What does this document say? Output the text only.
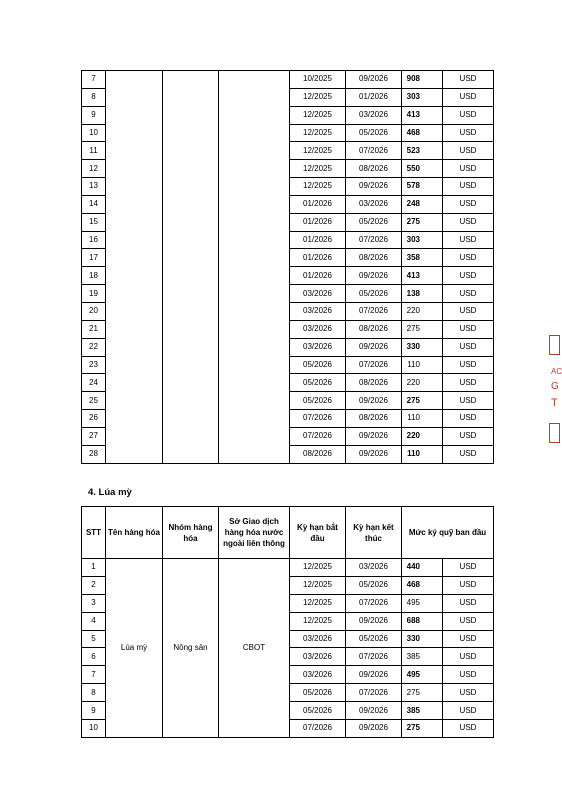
7				10/2025	09/2026	908	USD
8				12/2025	01/2026	303	USD
9				12/2025	03/2026	413	USD
10				12/2025	05/2026	468	USD
11				12/2025	07/2026	523	USD
12				12/2025	08/2026	550	USD
13				12/2025	09/2026	578	USD
14				01/2026	03/2026	248	USD
15				01/2026	05/2026	275	USD
16				01/2026	07/2026	303	USD
17				01/2026	08/2026	358	USD
18				01/2026	09/2026	413	USD
19				03/2026	05/2026	138	USD
20				03/2026	07/2026	220	USD
21				03/2026	08/2026	275	USD
22				03/2026	09/2026	330	USD
23				05/2026	07/2026	110	USD
24				05/2026	08/2026	220	USD
25				05/2026	09/2026	275	USD
26				07/2026	08/2026	110	USD
27				07/2026	09/2026	220	USD
28				08/2026	09/2026	110	USD
4. Lúa mỳ
STT	Tên hàng hóa	Nhóm hàng hóa	Sở Giao dịch hàng hóa nước ngoài liên thông	Kỳ hạn bắt đầu	Kỳ hạn kết thúc	Mức ký quỹ ban đầu	
1	Lúa mỳ	Nông sản	CBOT	12/2025	03/2026	440	USD
2				12/2025	05/2026	468	USD
3				12/2025	07/2026	495	USD
4				12/2025	09/2026	688	USD
5				03/2026	05/2026	330	USD
6				03/2026	07/2026	385	USD
7				03/2026	09/2026	495	USD
8				05/2026	07/2026	275	USD
9				05/2026	09/2026	385	USD
10				07/2026	09/2026	275	USD
AC
G
T
